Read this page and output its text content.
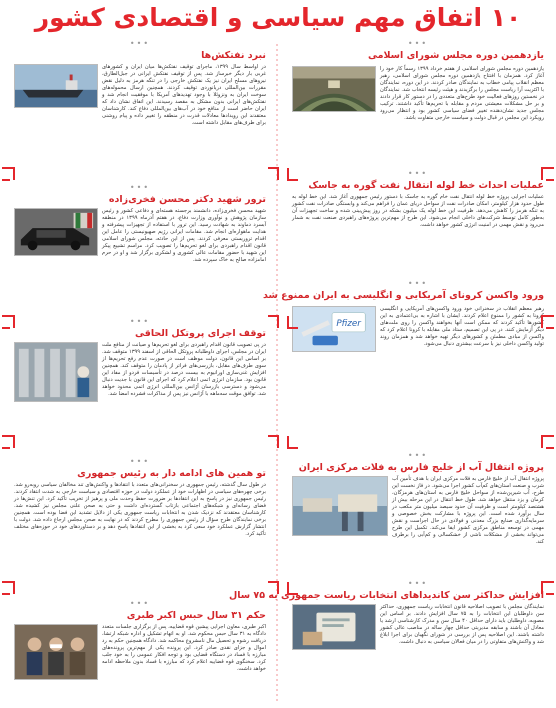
۱۰ اتفاق مهم سیاسی و اقتصادی کشور
•••
یازدهمین دوره مجلس شورای اسلامی
یازدهمین دوره مجلس شورای اسلامی از هفتم خرداد ۱۳۹۹ رسماً کار خود را آغاز کرد. همزمان با افتتاح یازدهمین دوره مجلس شورای اسلامی، رهبر معظم انقلاب پیامی خطاب به نمایندگان صادر کردند. در این دوره، نمایندگان با اکثریت آرا ریاست مجلس را برگزیدند و هیئت رئیسه انتخاب شد. نمایندگان در نخستین روزهای فعالیت خود طرح‌های متعددی را در دستور کار قرار دادند و بر حل مشکلات معیشتی مردم و مقابله با تحریم‌ها تأکید داشتند. ترکیب مجلس جدید نشان‌دهنده تغییر فضای سیاسی کشور بود و انتظار می‌رود رویکرد این مجلس در قبال دولت و سیاست خارجی متفاوت باشد.
•••
عملیات احداث خط لوله انتقال نفت گوره به جاسک
عملیات اجرایی پروژه خط لوله انتقال نفت خام گوره به جاسک با دستور رئیس جمهوری آغاز شد. این خط لوله به طول حدود هزار کیلومتر، امکان صادرات نفت از سواحل دریای عمان را فراهم می‌کند و وابستگی صادرات نفت کشور به تنگه هرمز را کاهش می‌دهد. ظرفیت این خط لوله یک میلیون بشکه در روز پیش‌بینی شده و ساخت تجهیزات آن به‌طور کامل توسط شرکت‌های داخلی انجام می‌شود. این طرح از مهم‌ترین پروژه‌های راهبردی صنعت نفت به شمار می‌رود و نقش مهمی در امنیت انرژی کشور خواهد داشت.
•••
ورود واکسن کرونای آمریکایی و انگلیسی به ایران ممنوع شد
Pfizer
رهبر معظم انقلاب در سخنرانی خود ورود واکسن‌های آمریکایی و انگلیسی کرونا به کشور را ممنوع اعلام کردند. ایشان با اشاره به بی‌اعتمادی به این کشورها تأکید کردند که ممکن است آنها بخواهند واکسن را روی ملت‌های دیگر آزمایش کنند. در پی این تصمیم، ستاد ملی مقابله با کرونا اعلام کرد که واکسن از مبادی مطمئن و کشورهای دیگر تهیه خواهد شد و همزمان روند تولید واکسن داخلی نیز با سرعت بیشتری دنبال می‌شود.
•••
پروژه انتقال آب از خلیج فارس به فلات مرکزی ایران
پروژه انتقال آب از خلیج فارس به فلات مرکزی ایران با هدف تأمین آب شرب و صنعت استان‌های کم‌آب کشور اجرا می‌شود. در فاز نخست این طرح، آب شیرین‌شده از سواحل خلیج فارس به استان‌های هرمزگان، کرمان و یزد منتقل خواهد شد. طول خط انتقال در این مرحله بیش از هشتصد کیلومتر است و ظرفیت آن حدود سیصد میلیون متر مکعب در سال برآورد شده است. این پروژه با مشارکت بخش خصوصی و سرمایه‌گذاری صنایع بزرگ معدنی و فولادی در حال اجراست و نقش مهمی در توسعه مناطق مرکزی کشور ایفا می‌کند. تکمیل این طرح می‌تواند بخشی از مشکلات ناشی از خشکسالی و کم‌آبی را برطرف کند.
•••
افزایش حداکثر سن کاندیداهای انتخابات ریاست جمهوری به ۷۵ سال
نمایندگان مجلس با تصویب اصلاحیه قانون انتخابات ریاست جمهوری، حداکثر سن داوطلبان این انتخابات را به ۷۵ سال افزایش دادند. بر اساس این مصوبه، داوطلبان باید دارای حداقل ۴۰ سال سن و مدرک کارشناسی ارشد یا معادل آن باشند و سابقه مدیریتی حداقل چهار ساله در مناصب عالی کشور داشته باشند. این اصلاحیه پس از بررسی در شورای نگهبان برای اجرا ابلاغ شد و واکنش‌های متفاوتی را در میان فعالان سیاسی به دنبال داشت.
•••
نبرد نفتکش‌ها
در اواسط سال ۱۳۹۹، ماجرای توقیف نفتکش‌ها میان ایران و کشورهای غربی بار دیگر خبرساز شد. پس از توقیف نفتکش ایرانی در جبل‌الطارق، نیروهای مسلح ایران نیز یک نفتکش خارجی را در تنگه هرمز به دلیل نقض مقررات بین‌المللی دریانوردی توقیف کردند. همچنین ارسال محموله‌های سوخت ایران به ونزوئلا با وجود تهدیدهای آمریکا با موفقیت انجام شد و نفتکش‌های ایرانی بدون مشکل به مقصد رسیدند. این اتفاق نشان داد که ایران حاضر است از منافع خود در آب‌های بین‌المللی دفاع کند. کارشناسان معتقدند این رویدادها معادلات قدرت در منطقه را تغییر داده و پیام روشنی برای طرف‌های مقابل داشته است.
•••
ترور شهید دکتر محسن فخری‌زاده
شهید محسن فخری‌زاده، دانشمند برجسته هسته‌ای و دفاعی کشور و رئیس سازمان پژوهش و نوآوری وزارت دفاع، در هفتم آذرماه ۱۳۹۹ در منطقه آبسرد دماوند به شهادت رسید. این ترور با استفاده از تجهیزات پیشرفته و هدایت ماهواره‌ای انجام شد. مقامات ایرانی رژیم صهیونیستی را عامل این اقدام تروریستی معرفی کردند. پس از این حادثه، مجلس شورای اسلامی قانون اقدام راهبردی برای لغو تحریم‌ها را تصویب کرد. مراسم تشییع پیکر این شهید با حضور مقامات عالی کشوری و لشکری برگزار شد و او در حرم امامزاده صالح به خاک سپرده شد.
•••
توقف اجرای پروتکل الحاقی
در پی تصویب قانون اقدام راهبردی برای لغو تحریم‌ها و صیانت از منافع ملت ایران در مجلس، اجرای داوطلبانه پروتکل الحاقی از اسفند ۱۳۹۹ متوقف شد. بر اساس این قانون، دولت موظف است در صورت عدم رفع تحریم‌ها از سوی طرف‌های مقابل، بازرسی‌های فراتر از پادمان را متوقف کند. همچنین افزایش غنی‌سازی اورانیوم به بیست درصد در تأسیسات فردو از مفاد این قانون بود. سازمان انرژی اتمی اعلام کرد که اجرای این قانون با جدیت دنبال می‌شود و دسترسی بازرسان آژانس بین‌المللی انرژی اتمی محدود خواهد شد. توافق موقت سه‌ماهه با آژانس نیز پس از مذاکرات فشرده امضا شد.
•••
تو همین های ادامه دار به رئیس جمهوری
در طول سال گذشته، رئیس جمهوری در سخنرانی‌های متعدد با انتقادها و واکنش‌های تند مخالفان سیاسی روبه‌رو شد. برخی چهره‌های سیاسی در اظهارات خود از عملکرد دولت در حوزه اقتصادی و سیاست خارجی به شدت انتقاد کردند. رئیس جمهوری نیز در پاسخ به این انتقادها بر ضرورت حفظ وحدت ملی و پرهیز از تخریب تأکید کرد. این تنش‌ها در فضای رسانه‌ای و شبکه‌های اجتماعی بازتاب گسترده‌ای داشت و حتی به صحن علنی مجلس نیز کشیده شد. کارشناسان معتقدند که نزدیک شدن به انتخابات ریاست جمهوری یکی از دلایل تشدید این فضا بوده است. همچنین برخی نمایندگان طرح سؤال از رئیس جمهوری را مطرح کردند که در نهایت به صحن مجلس ارجاع داده شد. دولت با انتشار گزارش عملکرد خود سعی کرد به بخشی از این انتقادها پاسخ دهد و بر دستاوردهای خود در حوزه‌های مختلف تأکید کرد.
•••
حکم ۳۱ سال حبس اکبر طبری
اکبر طبری، معاون اجرایی پیشین قوه قضاییه، پس از برگزاری جلسات متعدد دادگاه به ۳۱ سال حبس محکوم شد. او به اتهام تشکیل و اداره شبکه ارتشا، دریافت رشوه و تحصیل مال نامشروع محاکمه شد. دادگاه همچنین حکم به رد اموال و جزای نقدی صادر کرد. این پرونده یکی از مهم‌ترین پرونده‌های مبارزه با فساد در دستگاه قضایی بود و توجه افکار عمومی را به خود جلب کرد. سخنگوی قوه قضاییه اعلام کرد که مبارزه با فساد بدون ملاحظه ادامه خواهد داشت.
